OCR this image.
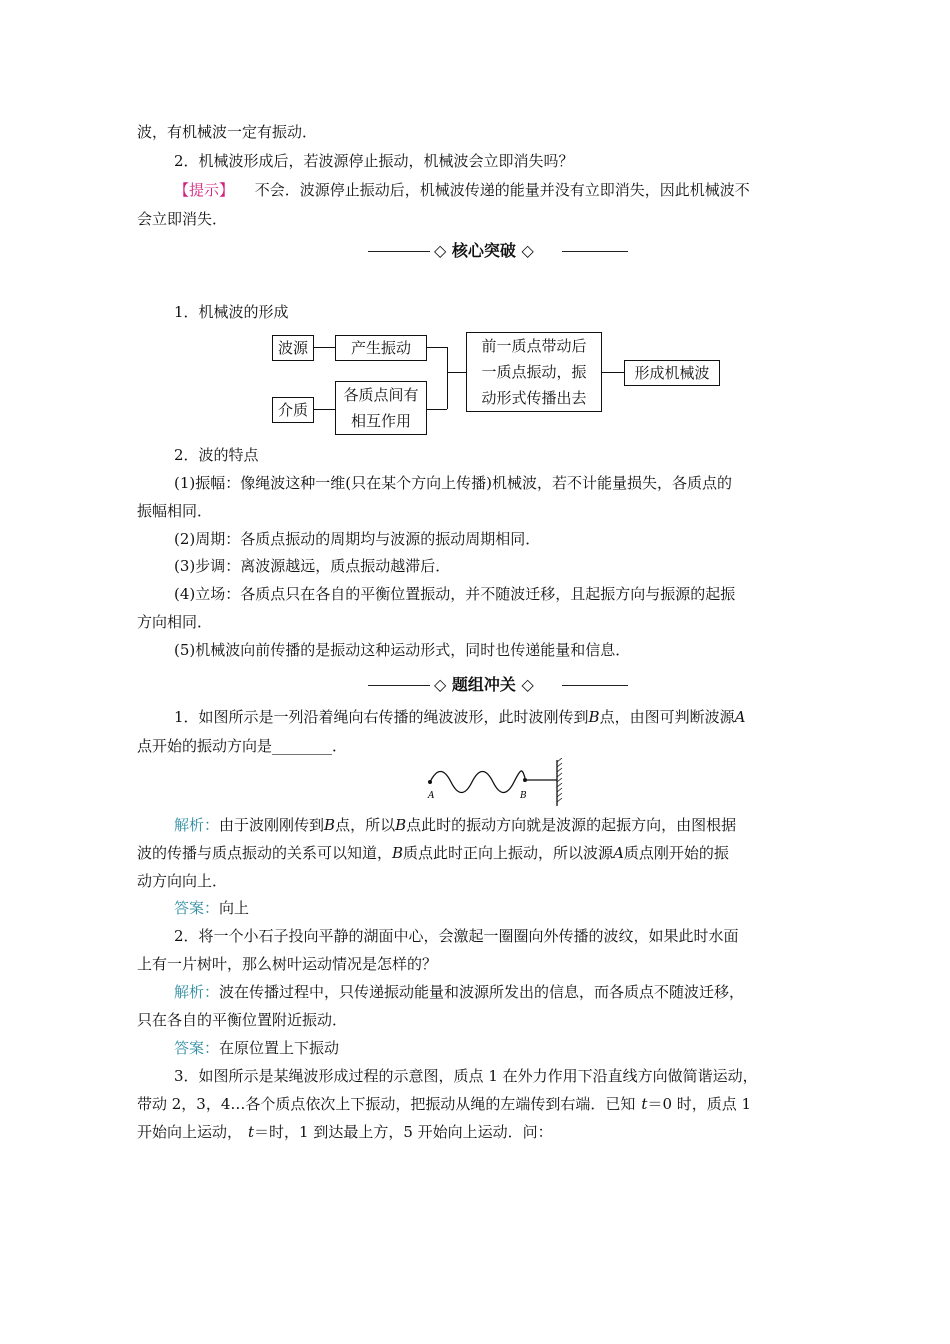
波，有机械波一定有振动．
2．机械波形成后，若波源停止振动，机械波会立即消失吗？
【提示】 不会．波源停止振动后，机械波传递的能量并没有立即消失，因此机械波不
会立即消失．
◇ 核心突破 ◇
1．机械波的形成
波源	产生振动
介质
各质点间有
相互作用
前一质点带动后
一质点振动，振
动形式传播出去
形成机械波
2．波的特点
(1)振幅：像绳波这种一维(只在某个方向上传播)机械波，若不计能量损失，各质点的
振幅相同．
(2)周期：各质点振动的周期均与波源的振动周期相同．
(3)步调：离波源越远，质点振动越滞后．
(4)立场：各质点只在各自的平衡位置振动，并不随波迁移，且起振方向与振源的起振
方向相同．
(5)机械波向前传播的是振动这种运动形式，同时也传递能量和信息．
◇ 题组冲关 ◇
1．如图所示是一列沿着绳向右传播的绳波波形，此时波刚传到B点，由图可判断波源A
点开始的振动方向是________．
A	B
解析：由于波刚刚传到B点，所以B点此时的振动方向就是波源的起振方向，由图根据
波的传播与质点振动的关系可以知道，B质点此时正向上振动，所以波源A质点刚开始的振
动方向向上．
答案：向上
2．将一个小石子投向平静的湖面中心，会激起一圈圈向外传播的波纹，如果此时水面
上有一片树叶，那么树叶运动情况是怎样的？
解析：波在传播过程中，只传递振动能量和波源所发出的信息，而各质点不随波迁移，
只在各自的平衡位置附近振动．
答案：在原位置上下振动
3．如图所示是某绳波形成过程的示意图，质点 1 在外力作用下沿直线方向做简谐运动，
带动 2，3，4…各个质点依次上下振动，把振动从绳的左端传到右端．已知 t＝0 时，质点 1
开始向上运动， t＝时，1 到达最上方，5 开始向上运动．问：
